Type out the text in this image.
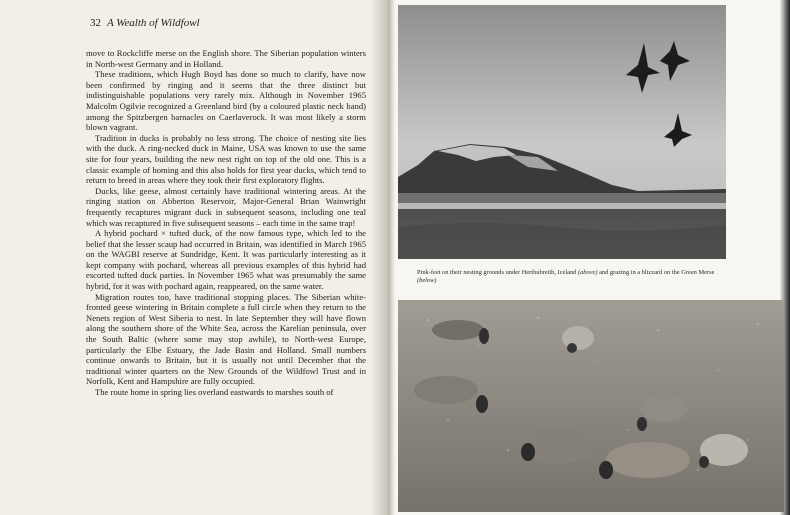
32 A Wealth of Wildfowl

move to Rockcliffe merse on the English shore. The Siberian population winters in North-west Germany and in Holland.

These traditions, which Hugh Boyd has done so much to clarify, have now been confirmed by ringing and it seems that the three distinct but indistinguishable populations very rarely mix. Although in November 1965 Malcolm Ogilvie recognized a Greenland bird (by a coloured plastic neck band) among the Spitzbergen barnacles on Caerlaverock. It was most likely a storm blown vagrant.

Tradition in ducks is probably no less strong. The choice of nesting site lies with the duck. A ring-necked duck in Maine, USA was known to use the same site for four years, building the new nest right on top of the old one. This is a classic example of homing and this also holds for first year ducks, which tend to return to breed in areas where they took their first exploratory flights.

Ducks, like geese, almost certainly have traditional wintering areas. At the ringing station on Abberton Reservoir, Major-General Brian Wainwright frequently recaptures migrant duck in subsequent seasons, including one teal which was recaptured in five subsequent seasons – each time in the same trap!

A hybrid pochard × tufted duck, of the now famous type, which led to the belief that the lesser scaup had occurred in Britain, was identified in March 1965 on the WAGBI reserve at Sundridge, Kent. It was particularly interesting as it kept company with pochard, whereas all previous examples of this hybrid had escorted tufted duck parties. In November 1965 what was presumably the same hybrid, for it was with pochard again, reappeared, on the same water.

Migration routes too, have traditional stopping places. The Siberian white-fronted geese wintering in Britain complete a full circle when they return to the Nenets region of West Siberia to nest. In late September they will have flown along the southern shore of the White Sea, across the Karelian peninsula, over the South Baltic (where some may stop awhile), to North-west Europe, particularly the Elbe Estuary, the Jade Basin and Holland. Small numbers continue onwards to Britain, but it is usually not until December that the traditional winter quarters on the New Grounds of the Wildfowl Trust and in Norfolk, Kent and Hampshire are fully occupied.

The route home in spring lies overland eastwards to marshes south of

Pink-feet on their nesting grounds under Herthubreith, Iceland (above) and grazing in a blizzard on the Green Merse (below)
